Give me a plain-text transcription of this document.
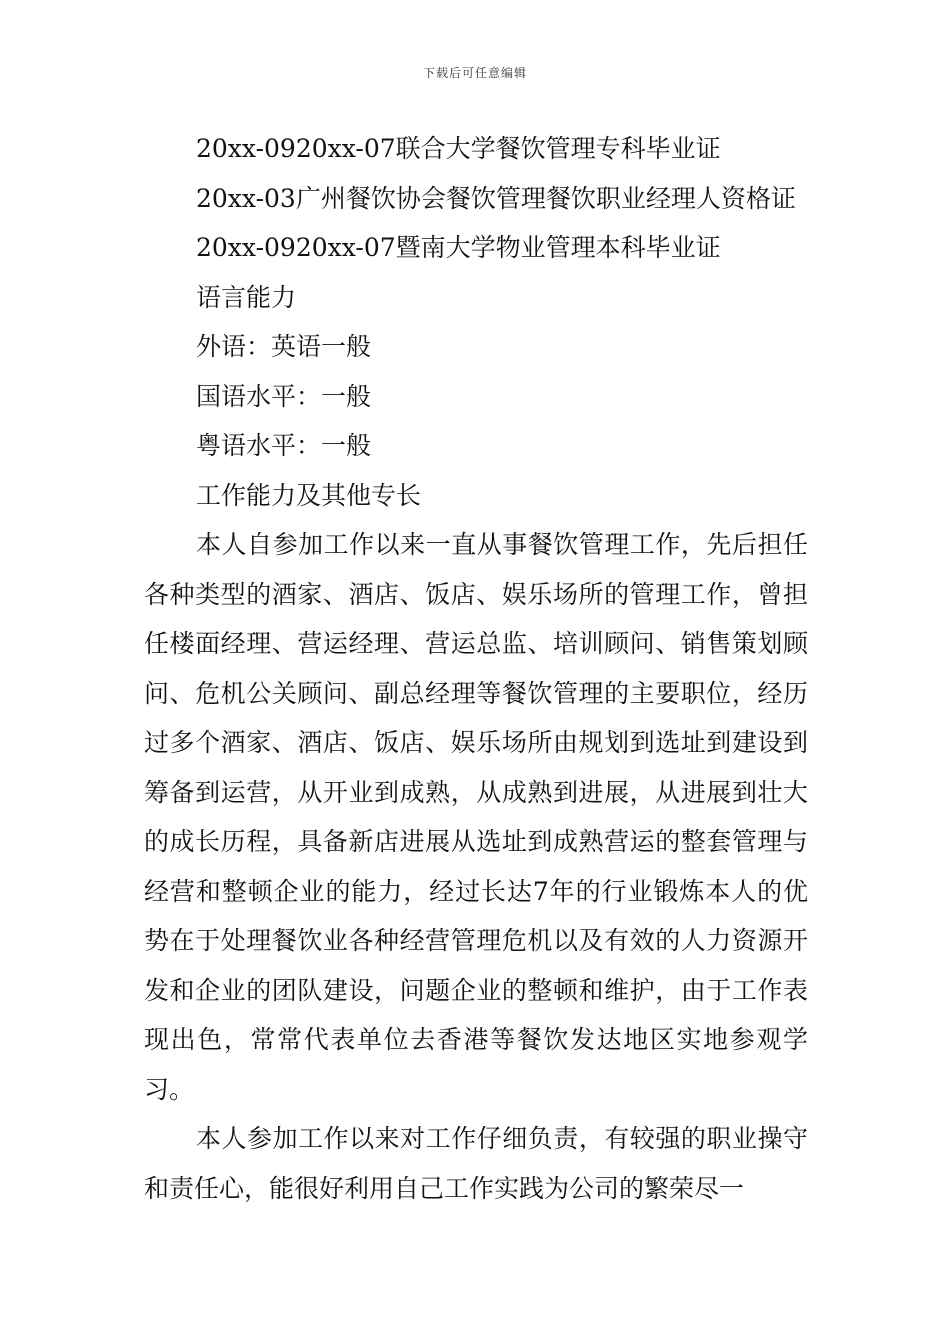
下载后可任意编辑

20xx-0920xx-07联合大学餐饮管理专科毕业证

20xx-03广州餐饮协会餐饮管理餐饮职业经理人资格证

20xx-0920xx-07暨南大学物业管理本科毕业证

语言能力

外语：英语一般

国语水平：一般

粤语水平：一般

工作能力及其他专长

本人自参加工作以来一直从事餐饮管理工作，先后担任各种类型的酒家、酒店、饭店、娱乐场所的管理工作，曾担任楼面经理、营运经理、营运总监、培训顾问、销售策划顾问、危机公关顾问、副总经理等餐饮管理的主要职位，经历过多个酒家、酒店、饭店、娱乐场所由规划到选址到建设到筹备到运营，从开业到成熟，从成熟到进展，从进展到壮大的成长历程，具备新店进展从选址到成熟营运的整套管理与经营和整顿企业的能力，经过长达7年的行业锻炼本人的优势在于处理餐饮业各种经营管理危机以及有效的人力资源开发和企业的团队建设，问题企业的整顿和维护，由于工作表现出色，常常代表单位去香港等餐饮发达地区实地参观学习。

本人参加工作以来对工作仔细负责，有较强的职业操守和责任心，能很好利用自己工作实践为公司的繁荣尽一
